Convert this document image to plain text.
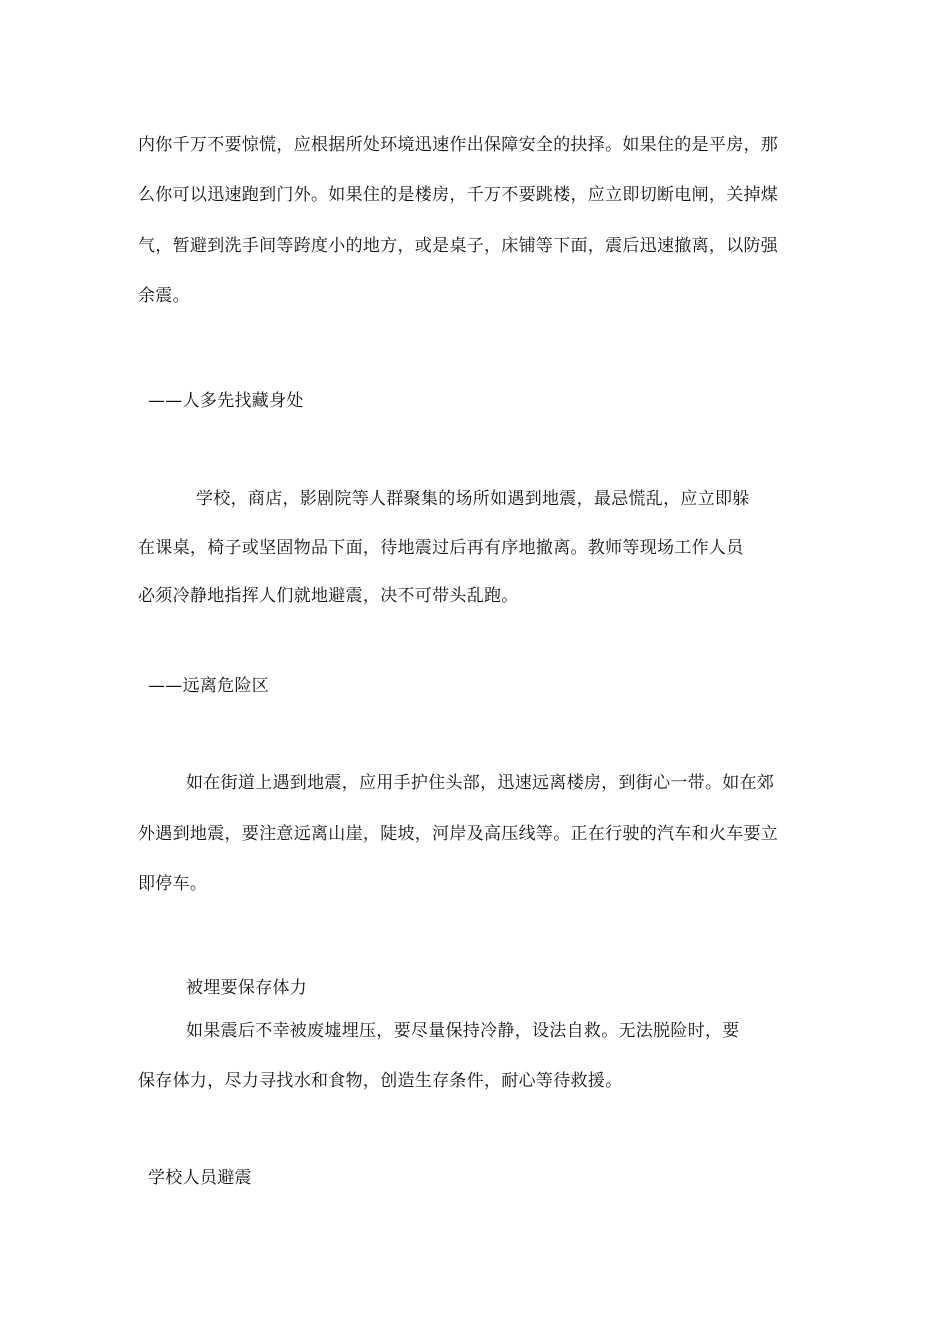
内你千万不要惊慌，应根据所处环境迅速作出保障安全的抉择。如果住的是平房，那
么你可以迅速跑到门外。如果住的是楼房，千万不要跳楼，应立即切断电闸，关掉煤
气，暂避到洗手间等跨度小的地方，或是桌子，床铺等下面，震后迅速撤离，以防强
余震。
——人多先找藏身处
学校，商店，影剧院等人群聚集的场所如遇到地震，最忌慌乱，应立即躲
在课桌，椅子或坚固物品下面，待地震过后再有序地撤离。教师等现场工作人员
必须冷静地指挥人们就地避震，决不可带头乱跑。
——远离危险区
如在街道上遇到地震，应用手护住头部，迅速远离楼房，到街心一带。如在郊
外遇到地震，要注意远离山崖，陡坡，河岸及高压线等。正在行驶的汽车和火车要立
即停车。
被埋要保存体力
如果震后不幸被废墟埋压，要尽量保持冷静，设法自救。无法脱险时，要
保存体力，尽力寻找水和食物，创造生存条件，耐心等待救援。
学校人员避震
